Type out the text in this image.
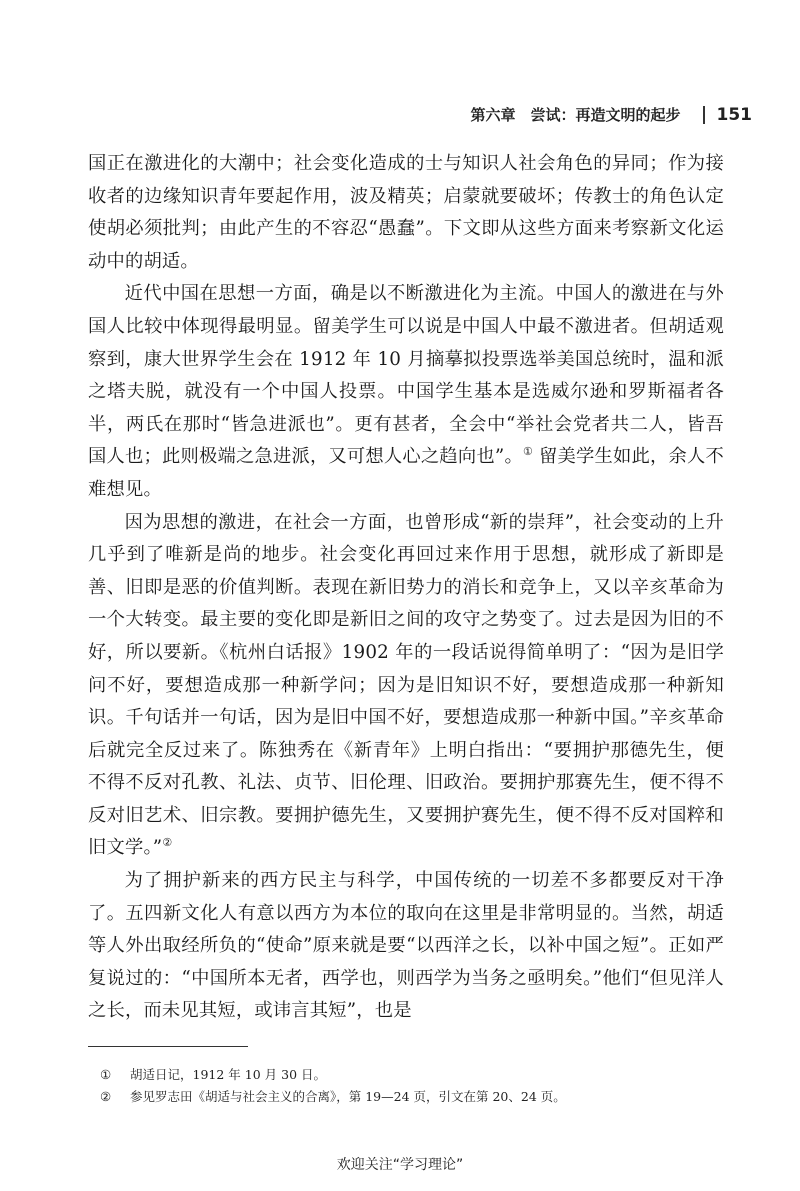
第六章　尝试：再造文明的起步 151

国正在激进化的大潮中；社会变化造成的士与知识人社会角色的异同；作为接收者的边缘知识青年要起作用，波及精英；启蒙就要破坏；传教士的角色认定使胡必须批判；由此产生的不容忍“愚蠢”。下文即从这些方面来考察新文化运动中的胡适。

近代中国在思想一方面，确是以不断激进化为主流。中国人的激进在与外国人比较中体现得最明显。留美学生可以说是中国人中最不激进者。但胡适观察到，康大世界学生会在 1912 年 10 月摘摹拟投票选举美国总统时，温和派之塔夫脱，就没有一个中国人投票。中国学生基本是选威尔逊和罗斯福者各半，两氏在那时“皆急进派也”。更有甚者，全会中“举社会党者共二人，皆吾国人也；此则极端之急进派，又可想人心之趋向也”。① 留美学生如此，余人不难想见。

因为思想的激进，在社会一方面，也曾形成“新的崇拜”，社会变动的上升几乎到了唯新是尚的地步。社会变化再回过来作用于思想，就形成了新即是善、旧即是恶的价值判断。表现在新旧势力的消长和竞争上，又以辛亥革命为一个大转变。最主要的变化即是新旧之间的攻守之势变了。过去是因为旧的不好，所以要新。《杭州白话报》1902 年的一段话说得简单明了：“因为是旧学问不好，要想造成那一种新学问；因为是旧知识不好，要想造成那一种新知识。千句话并一句话，因为是旧中国不好，要想造成那一种新中国。”辛亥革命后就完全反过来了。陈独秀在《新青年》上明白指出：“要拥护那德先生，便不得不反对孔教、礼法、贞节、旧伦理、旧政治。要拥护那赛先生，便不得不反对旧艺术、旧宗教。要拥护德先生，又要拥护赛先生，便不得不反对国粹和旧文学。”②

为了拥护新来的西方民主与科学，中国传统的一切差不多都要反对干净了。五四新文化人有意以西方为本位的取向在这里是非常明显的。当然，胡适等人外出取经所负的“使命”原来就是要“以西洋之长，以补中国之短”。正如严复说过的：“中国所本无者，西学也，则西学为当务之亟明矣。”他们“但见洋人之长，而未见其短，或讳言其短”，也是

①	胡适日记，1912 年 10 月 30 日。
②	参见罗志田《胡适与社会主义的合离》，第 19—24 页，引文在第 20、24 页。
欢迎关注“学习理论”
